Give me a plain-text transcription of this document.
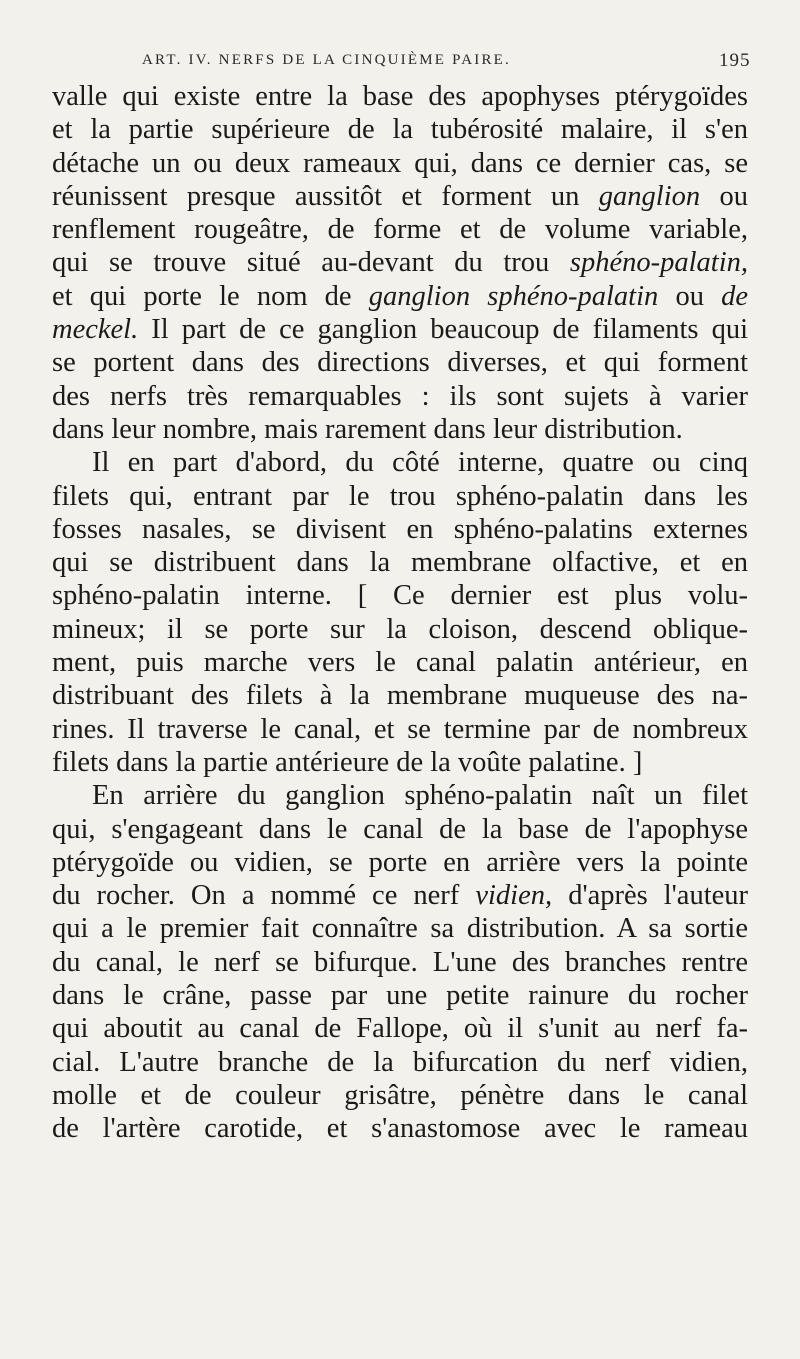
ART. IV. NERFS DE LA CINQUIÈME PAIRE.	195
valle qui existe entre la base des apophyses ptérygoïdes
et la partie supérieure de la tubérosité malaire, il s'en
détache un ou deux rameaux qui, dans ce dernier cas, se
réunissent presque aussitôt et forment un ganglion ou
renflement rougeâtre, de forme et de volume variable,
qui se trouve situé au-devant du trou sphéno-palatin,
et qui porte le nom de ganglion sphéno-palatin ou de
meckel. Il part de ce ganglion beaucoup de filaments qui
se portent dans des directions diverses, et qui forment
des nerfs très remarquables : ils sont sujets à varier
dans leur nombre, mais rarement dans leur distribution.
Il en part d'abord, du côté interne, quatre ou cinq
filets qui, entrant par le trou sphéno-palatin dans les
fosses nasales, se divisent en sphéno-palatins externes
qui se distribuent dans la membrane olfactive, et en
sphéno-palatin interne. [ Ce dernier est plus volu-
mineux; il se porte sur la cloison, descend oblique-
ment, puis marche vers le canal palatin antérieur, en
distribuant des filets à la membrane muqueuse des na-
rines. Il traverse le canal, et se termine par de nombreux
filets dans la partie antérieure de la voûte palatine. ]
En arrière du ganglion sphéno-palatin naît un filet
qui, s'engageant dans le canal de la base de l'apophyse
ptérygoïde ou vidien, se porte en arrière vers la pointe
du rocher. On a nommé ce nerf vidien, d'après l'auteur
qui a le premier fait connaître sa distribution. A sa sortie
du canal, le nerf se bifurque. L'une des branches rentre
dans le crâne, passe par une petite rainure du rocher
qui aboutit au canal de Fallope, où il s'unit au nerf fa-
cial. L'autre branche de la bifurcation du nerf vidien,
molle et de couleur grisâtre, pénètre dans le canal
de l'artère carotide, et s'anastomose avec le rameau
